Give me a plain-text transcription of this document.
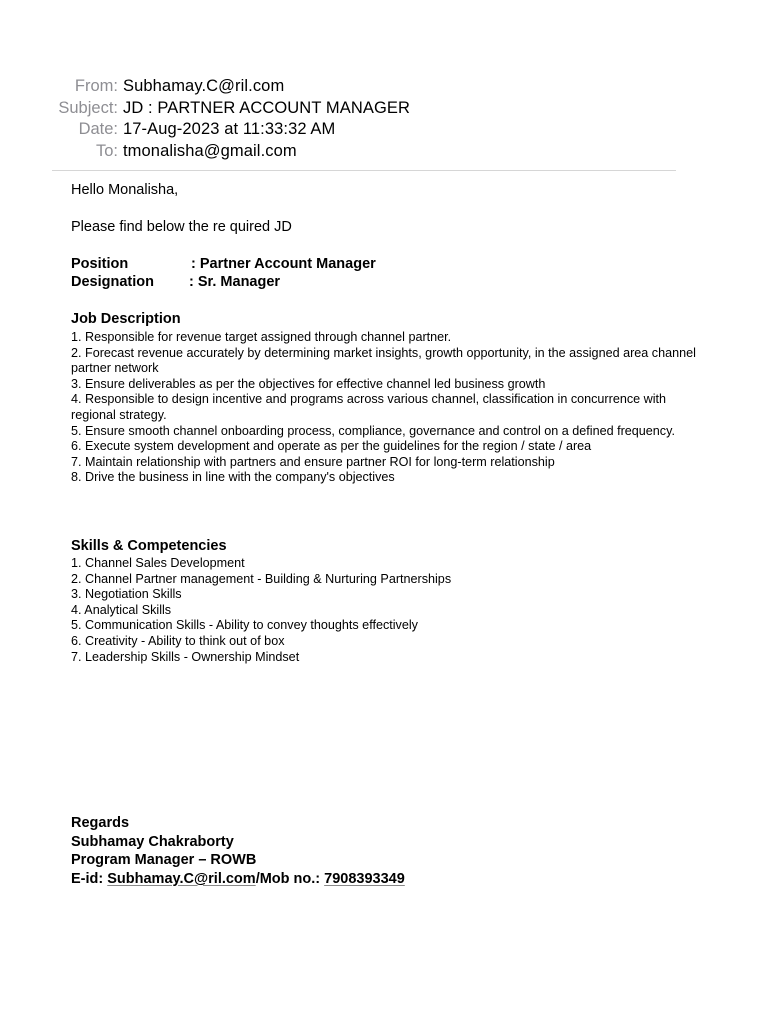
From: Subhamay.C@ril.com
Subject: JD : PARTNER ACCOUNT MANAGER
Date: 17-Aug-2023 at 11:33:32 AM
To: tmonalisha@gmail.com
Hello Monalisha,
Please find below the re quired JD
Position	: Partner Account Manager
Designation : Sr. Manager
Job Description
1. Responsible for revenue target assigned through channel partner.
2. Forecast revenue accurately by determining market insights, growth opportunity, in the assigned area channel partner network
3. Ensure deliverables as per the objectives for effective channel led business growth
4. Responsible to design incentive and programs across various channel, classification in concurrence with regional strategy.
5. Ensure smooth channel onboarding process, compliance, governance and control on a defined frequency.
6. Execute system development and operate as per the guidelines for the region / state / area
7. Maintain relationship with partners and ensure partner ROI for long-term relationship
8. Drive the business in line with the company's objectives
Skills & Competencies
1. Channel Sales Development
2. Channel Partner management - Building & Nurturing Partnerships
3. Negotiation Skills
4. Analytical Skills
5. Communication Skills - Ability to convey thoughts effectively
6. Creativity - Ability to think out of box
7. Leadership Skills - Ownership Mindset
Regards
Subhamay Chakraborty
Program Manager – ROWB
E-id: Subhamay.C@ril.com/Mob no.: 7908393349
